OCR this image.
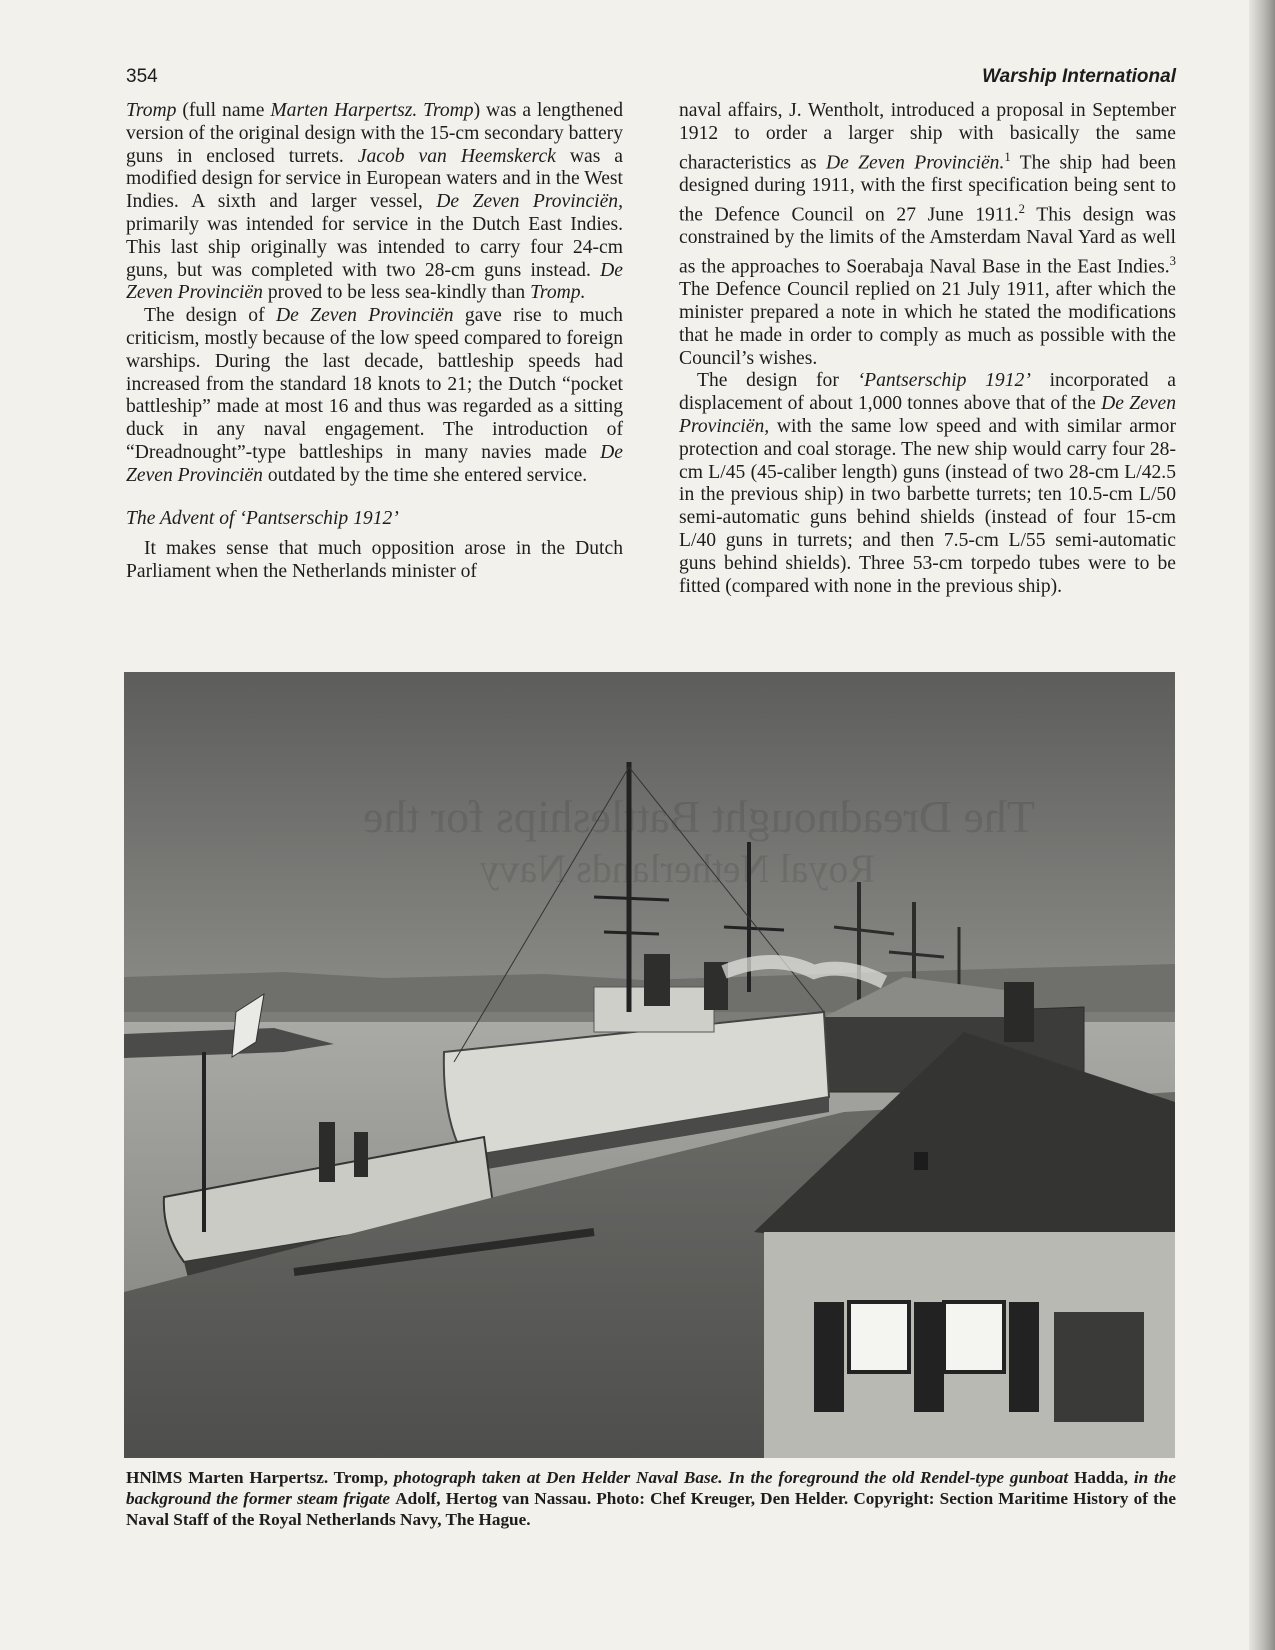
354	Warship International

Tromp (full name Marten Harpertsz. Tromp) was a lengthened version of the original design with the 15-cm secondary battery guns in enclosed turrets. Jacob van Heemskerck was a modified design for service in European waters and in the West Indies. A sixth and larger vessel, De Zeven Provinciën, primarily was intended for service in the Dutch East Indies. This last ship originally was intended to carry four 24-cm guns, but was completed with two 28-cm guns instead. De Zeven Provinciën proved to be less sea-kindly than Tromp.

The design of De Zeven Provinciën gave rise to much criticism, mostly because of the low speed compared to foreign warships. During the last decade, battleship speeds had increased from the standard 18 knots to 21; the Dutch “pocket battleship” made at most 16 and thus was regarded as a sitting duck in any naval engagement. The introduction of “Dreadnought”-type battleships in many navies made De Zeven Provinciën outdated by the time she entered service.

The Advent of ‘Pantserschip 1912’

It makes sense that much opposition arose in the Dutch Parliament when the Netherlands minister of

naval affairs, J. Wentholt, introduced a proposal in September 1912 to order a larger ship with basically the same characteristics as De Zeven Provinciën.$^1$ The ship had been designed during 1911, with the first specification being sent to the Defence Council on 27 June 1911.$^2$ This design was constrained by the limits of the Amsterdam Naval Yard as well as the approaches to Soerabaja Naval Base in the East Indies.$^3$ The Defence Council replied on 21 July 1911, after which the minister prepared a note in which he stated the modifications that he made in order to comply as much as possible with the Council’s wishes.

The design for ‘Pantserschip 1912’ incorporated a displacement of about 1,000 tonnes above that of the De Zeven Provinciën, with the same low speed and with similar armor protection and coal storage. The new ship would carry four 28-cm L/45 (45-caliber length) guns (instead of two 28-cm L/42.5 in the previous ship) in two barbette turrets; ten 10.5-cm L/50 semi-automatic guns behind shields (instead of four 15-cm L/40 guns in turrets; and then 7.5-cm L/55 semi-automatic guns behind shields). Three 53-cm torpedo tubes were to be fitted (compared with none in the previous ship).

The Dreadnought Battleships for the
Royal Netherlands Navy
HNlMS Marten Harpertsz. Tromp, photograph taken at Den Helder Naval Base. In the foreground the old Rendel-type gunboat Hadda, in the background the former steam frigate Adolf, Hertog van Nassau. Photo: Chef Kreuger, Den Helder. Copyright: Section Maritime History of the Naval Staff of the Royal Netherlands Navy, The Hague.
